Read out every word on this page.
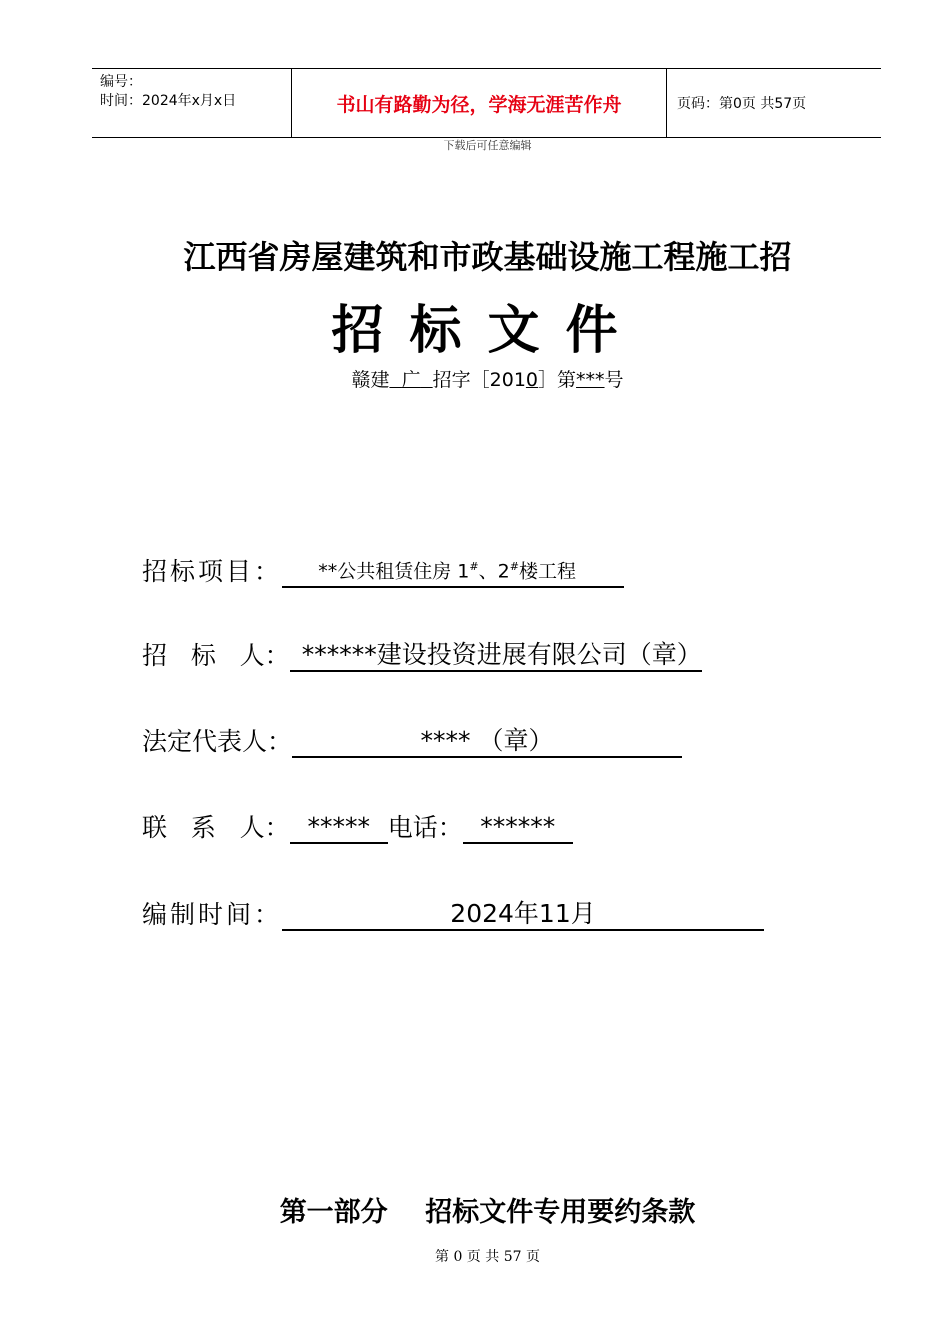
编号：
时间：2024年x月x日	书山有路勤为径，学海无涯苦作舟	页码：第0页 共57页
下载后可任意编辑
江西省房屋建筑和市政基础设施工程施工招
招标文件
赣建 广 招字［2010］第***号
招标项目：	**公共租赁住房 1#、2#楼工程
招   标   人： ******建设投资进展有限公司（章）
法定代表人：	**** （章）
联   系   人： ***** 电话： ******
编制时间：	2024年11月
第一部分    招标文件专用要约条款
第 0 页 共 57 页
